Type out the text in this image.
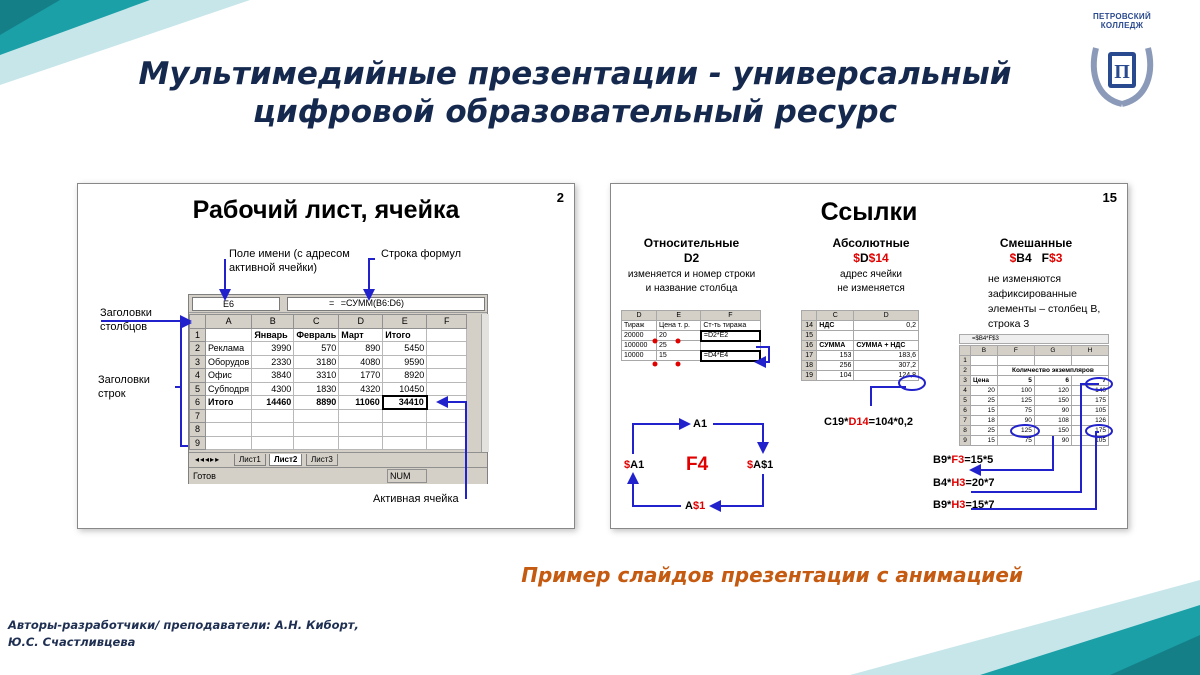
Мультимедийные презентации - универсальный
цифровой образовательный ресурс
ПЕТРОВСКИЙ
КОЛЛЕДЖ
П
2
Рабочий лист, ячейка
Поле имени (с адресом активной ячейки)
Строка формул
Заголовки столбцов
Заголовки строк
Активная ячейка
E6	= =СУММ(B6:D6)
	A	B	C	D	E	F
1		Январь	Февраль	Март	Итого	
2	Реклама	3990	570	890	5450	
3	Оборудов	2330	3180	4080	9590	
4	Офис	3840	3310	1770	8920	
5	Субподря	4300	1830	4320	10450	
6	Итого	14460	8890	11060	34410	
7						
8						
9						
◂◂◂▸▸	Лист1	Лист2	Лист3
Готов	NUM
15
Ссылки
Относительные
D2
изменяется и номер строки
и название столбца
Абсолютные
$D$14
адрес ячейки
не изменяется
Смешанные
$B4 F$3
не изменяются
зафиксированные
элементы – столбец В,
строка 3
D	E	F
Тираж	Цена т. р.	Ст-ть тиража
20000	20	=D2*E2
100000	25	
10000	15	=D4*E4
	C	D
14	НДС	0,2
15		
16	СУММА	СУММА + НДС
17	153	183,6
18	256	307,2
19	104	124,8
C19*D14=104*0,2
=$B4*F$3
	B	F	G	H
1				
2		Количество экземпляров		
3	Цена	5	6	7
4	20	100	120	140
5	25	125	150	175
6	15	75	90	105
7	18	90	108	126
8	25	125	150	175
9	15	75	90	105
B9*F3=15*5
B4*H3=20*7
B9*H3=15*7
A1
$A$1
A$1
$A1 F4
Пример слайдов презентации с анимацией
Авторы-разработчики/ преподаватели: А.Н. Киборт,
Ю.С. Счастливцева
